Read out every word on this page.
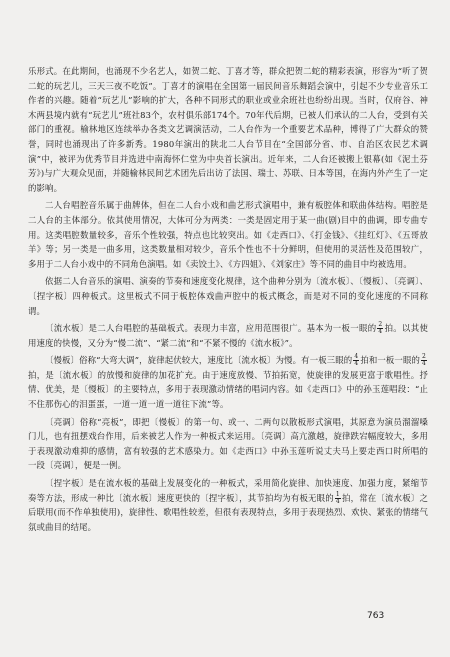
乐形式。在此期间，也涌现不少名艺人，如贺二蛇、丁喜才等，群众把贺二蛇的精彩表演，形容为“听了贺二蛇的玩艺儿，三天三夜不吃饭”。丁喜才的演唱在全国第一届民间音乐舞蹈会演中，引起不少专业音乐工作者的兴趣。随着“玩艺儿”影响的扩大，各种不同形式的职业或业余班社也纷纷出现。当时，仅府谷、神木两县境内就有“玩艺儿”班社83个，农村俱乐部174个。70年代后期，已被人们承认的二人台，受到有关部门的重视。榆林地区连续举办各类文艺调演活动，二人台作为一个重要艺术品种，博得了广大群众的赞誉，同时也涌现出了许多新秀。1980年演出的陕北二人台节目在“全国部分省、市、自治区农民艺术调演”中，被评为优秀节目并选进中南海怀仁堂为中央首长演出。近年来，二人台还被搬上银幕(如《泥土芬芳》)与广大观众见面，并随榆林民间艺术团先后出访了法国、瑞士、苏联、日本等国，在海内外产生了一定的影响。

二人台唱腔音乐属于曲牌体，但在二人台小戏和曲艺形式演唱中，兼有板腔体和联曲体结构。唱腔是二人台的主体部分。依其使用情况，大体可分为两类：一类是固定用于某一曲(剧)目中的曲调，即专曲专用。这类唱腔数量较多，音乐个性较强，特点也比较突出。如《走西口》、《打金钱》、《挂红灯》、《五哥放羊》等；另一类是一曲多用，这类数量相对较少，音乐个性也不十分鲜明，但使用的灵活性及范围较广，多用于二人台小戏中的不同角色演唱。如《卖饺土》、《方四姐》、《刘家庄》等不同的曲目中均被选用。

依据二人台音乐的演唱、演奏的节奏和速度变化规律，这个曲种分别为〔流水板〕、〔慢板〕、〔亮调〕、〔捏字板〕四种板式。这里板式不同于板腔体戏曲声腔中的板式概念，而是对不同的变化速度的不同称谓。

〔流水板〕是二人台唱腔的基础板式。表现力丰富，应用范围很广。基本为一板一眼的 $\frac{2}{4}$ 拍。以其使用速度的快慢，又分为“慢二流”、“紧二流”和“不紧不慢的《流水板》”。

〔慢板〕俗称“大弯大调”，旋律起伏较大，速度比〔流水板〕为慢。有一板三眼的 $\frac{4}{4}$ 拍和一板一眼的 $\frac{2}{4}$
拍，是〔流水板〕的放慢和旋律的加花扩充。由于速度放慢、节拍拓宽，使旋律的发展更富于歌唱性。抒情、优美，是〔慢板〕的主要特点，多用于表现激动情绪的唱词内容。如《走西口》中的孙玉莲唱段：“止不住那伤心的泪蛋蛋，一道一道一道一道往下流”等。

〔亮调〕俗称“亮板”，即把〔慢板〕的第一句、或一、二两句以散板形式演唱，其原意为演员溜溜嗓门儿，也有扭摆戏台作用，后来被艺人作为一种板式来运用。〔亮调〕高亢激越，旋律跌宕幅度较大，多用于表现激动难抑的感情，富有较强的艺术感染力。如《走西口》中孙玉莲听说丈夫马上要走西口时所唱的一段〔亮调〕，便是一例。

〔捏字板〕是在流水板的基础上发展变化的一种板式，采用简化旋律、加快速度、加强力度，紧缩节奏等方法，形成一种比〔流水板〕速度更快的〔捏字板〕，其节拍均为有板无眼的 $\frac{1}{4}$ 拍，常在〔流水板〕之后联用(而不作单独使用)，旋律性、歌唱性较差，但很有表现特点，多用于表现热烈、欢快、紧张的情绪气氛或曲目的结尾。

763
